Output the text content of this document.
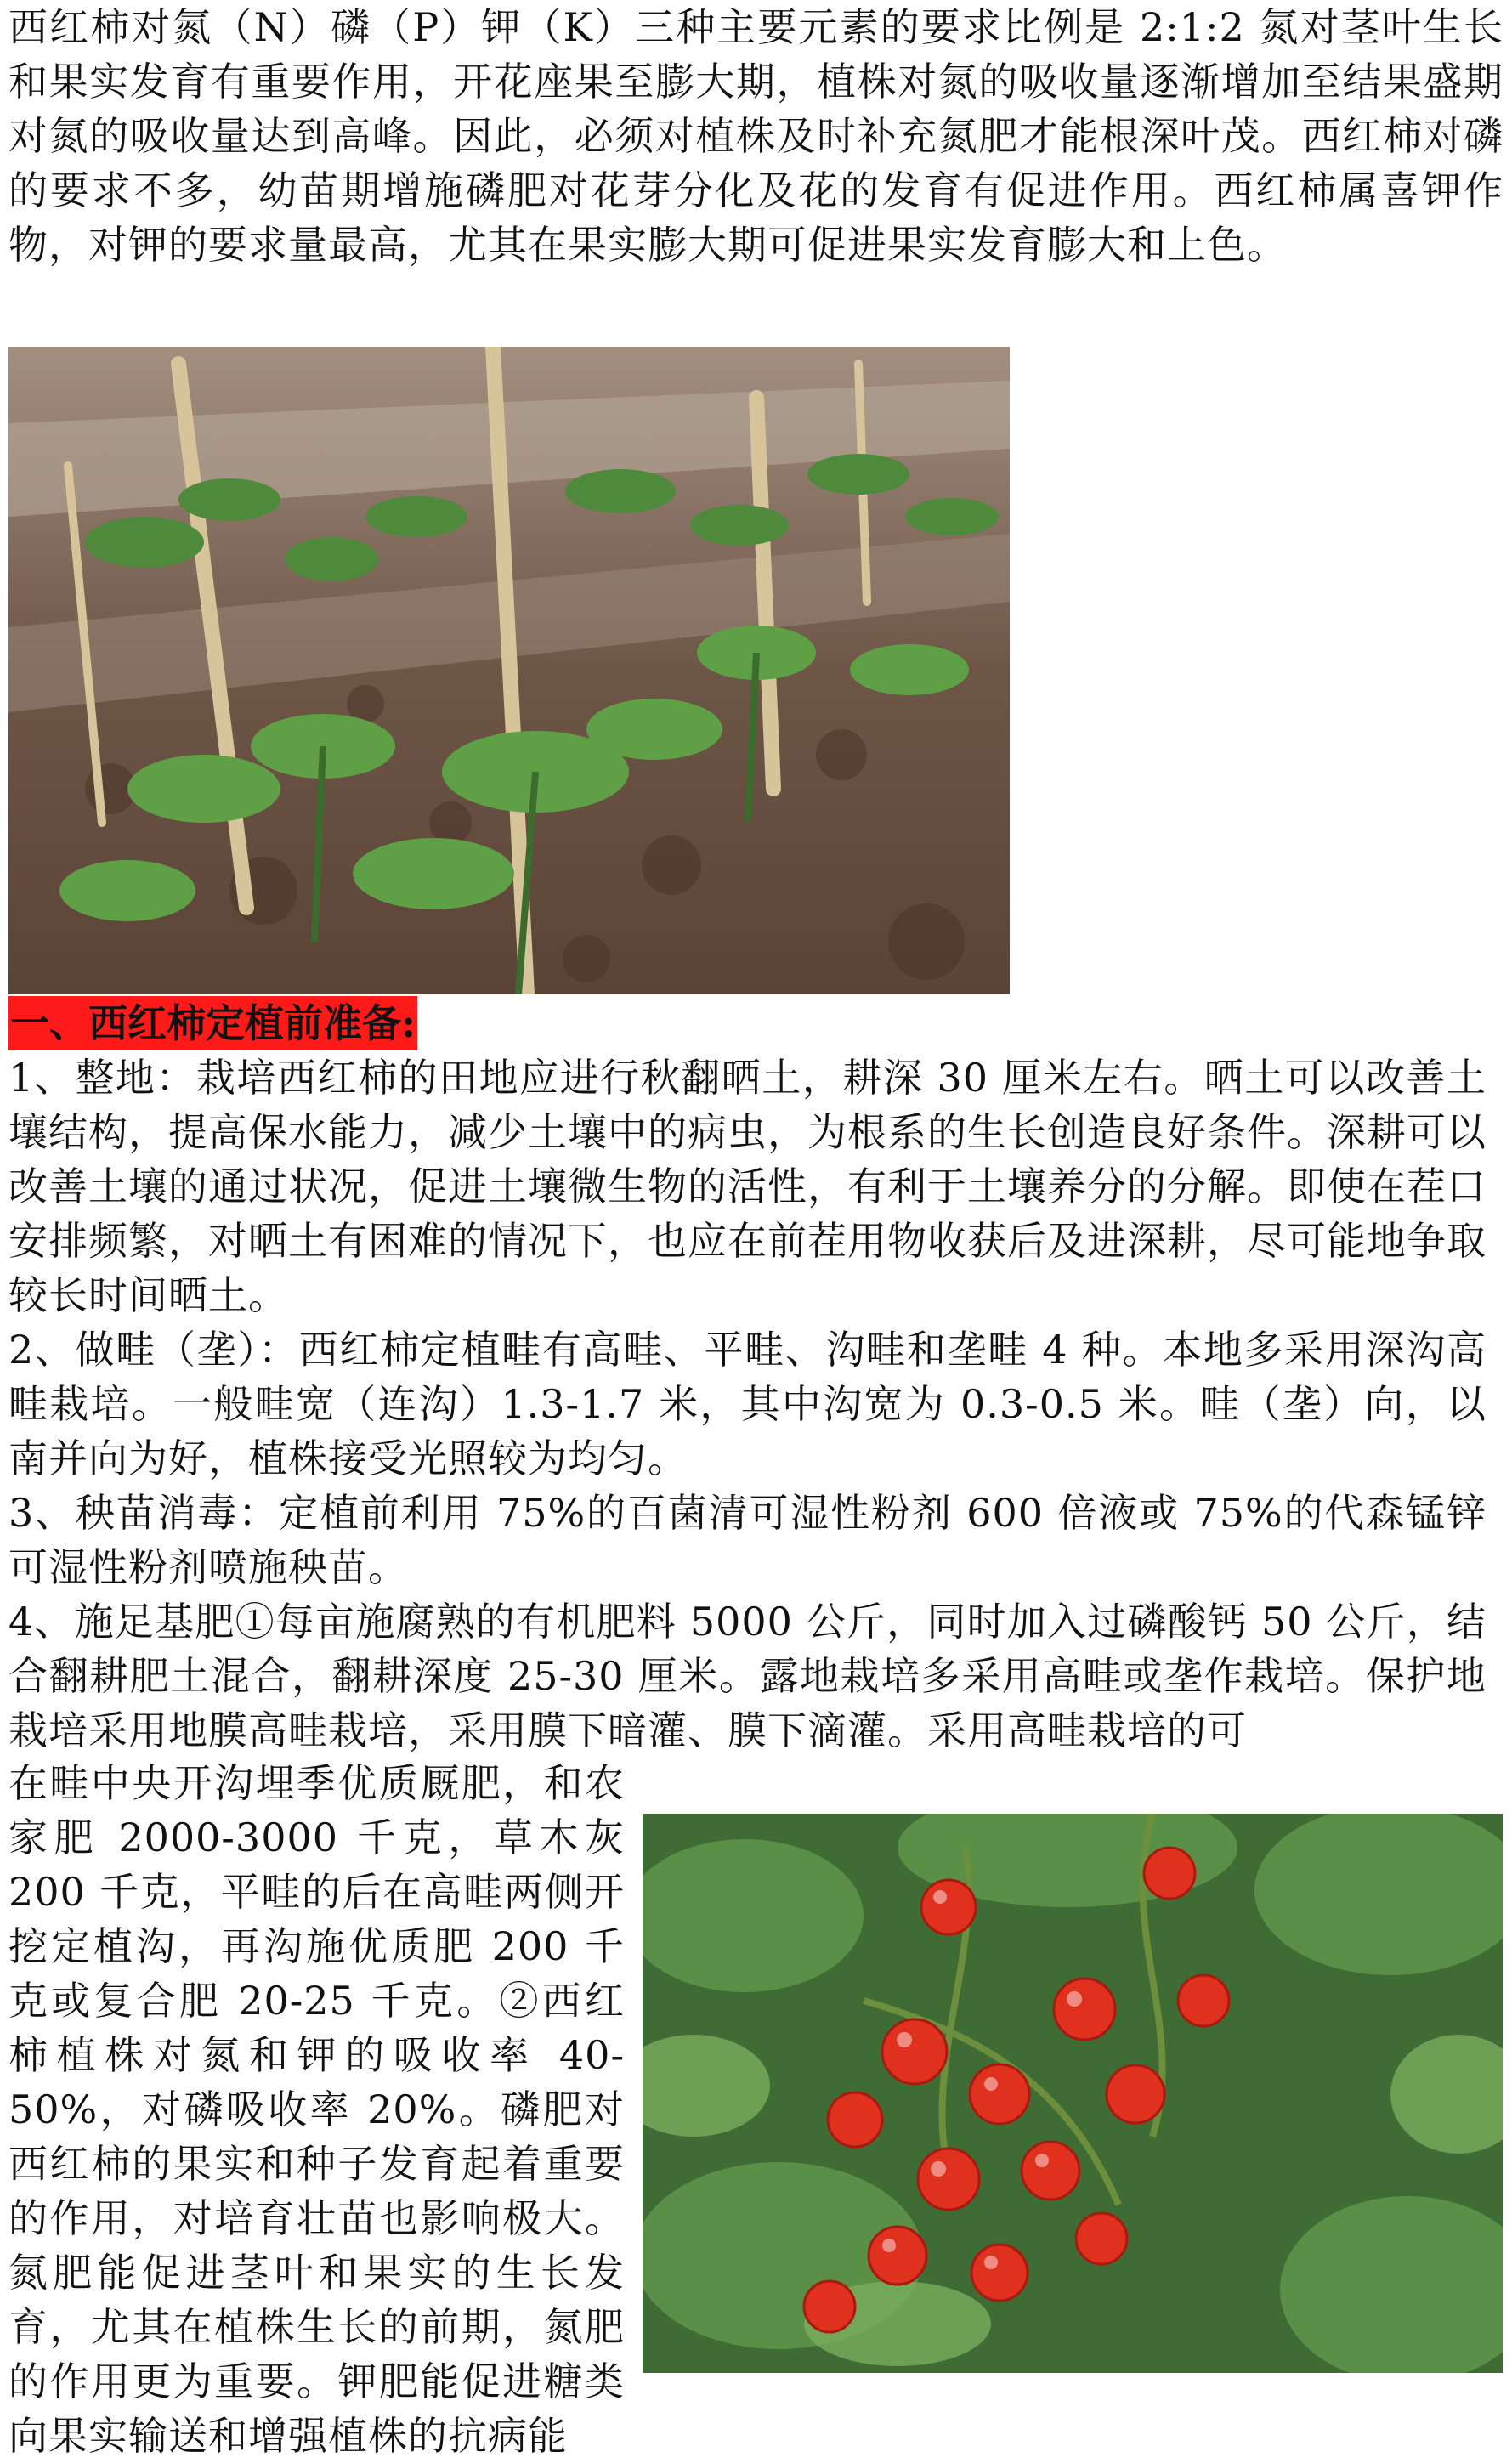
西红柿对氮（N）磷（P）钾（K）三种主要元素的要求比例是 2:1:2 氮对茎叶生长和果实发育有重要作用，开花座果至膨大期，植株对氮的吸收量逐渐增加至结果盛期对氮的吸收量达到高峰。因此，必须对植株及时补充氮肥才能根深叶茂。西红柿对磷的要求不多，幼苗期增施磷肥对花芽分化及花的发育有促进作用。西红柿属喜钾作物，对钾的要求量最高，尤其在果实膨大期可促进果实发育膨大和上色。

一、西红柿定植前准备:

1、整地：栽培西红柿的田地应进行秋翻晒土，耕深 30 厘米左右。晒土可以改善土壤结构，提高保水能力，减少土壤中的病虫，为根系的生长创造良好条件。深耕可以改善土壤的通过状况，促进土壤微生物的活性，有利于土壤养分的分解。即使在茬口安排频繁，对晒土有困难的情况下，也应在前茬用物收获后及进深耕，尽可能地争取较长时间晒土。

2、做畦（垄）：西红柿定植畦有高畦、平畦、沟畦和垄畦 4 种。本地多采用深沟高畦栽培。一般畦宽（连沟）1.3-1.7 米，其中沟宽为 0.3-0.5 米。畦（垄）向，以南并向为好，植株接受光照较为均匀。

3、秧苗消毒：定植前利用 75%的百菌清可湿性粉剂 600 倍液或 75%的代森锰锌可湿性粉剂喷施秧苗。

4、施足基肥①每亩施腐熟的有机肥料 5000 公斤，同时加入过磷酸钙 50 公斤，结合翻耕肥土混合，翻耕深度 25-30 厘米。露地栽培多采用高畦或垄作栽培。保护地栽培采用地膜高畦栽培，采用膜下暗灌、膜下滴灌。采用高畦栽培的可

在畦中央开沟埋季优质厩肥，和农家肥 2000-3000 千克，草木灰 200 千克，平畦的后在高畦两侧开挖定植沟，再沟施优质肥 200 千克或复合肥 20-25 千克。②西红柿植株对氮和钾的吸收率 40-50%，对磷吸收率 20%。磷肥对西红柿的果实和种子发育起着重要的作用，对培育壮苗也影响极大。氮肥能促进茎叶和果实的生长发育，尤其在植株生长的前期，氮肥的作用更为重要。钾肥能促进糖类向果实输送和增强植株的抗病能
